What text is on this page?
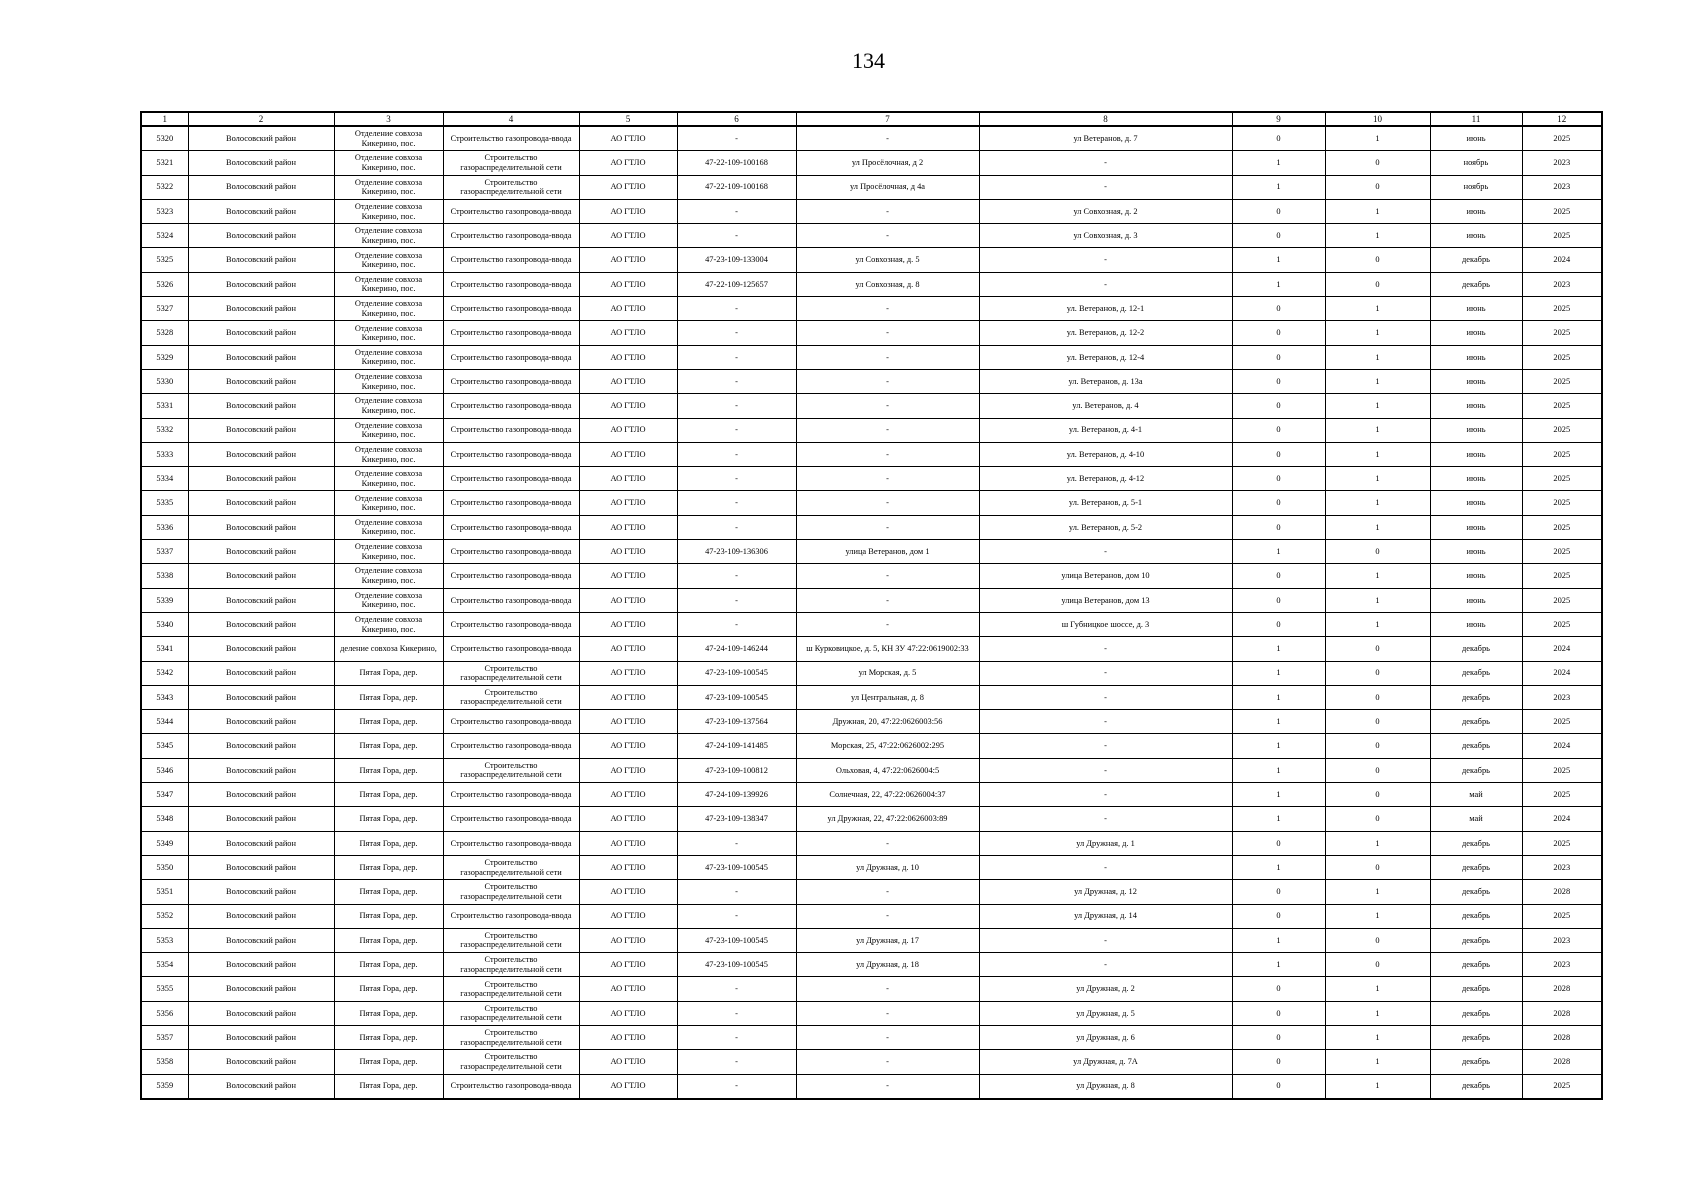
134
1	2	3	4	5	6	7	8	9	10	11	12
5320	Волосовский район	Отделение совхоза Кикерино, пос.	Строительство газопровода-ввода	АО ГТЛО	-	-	ул Ветеранов, д. 7	0	1	июнь	2025
5321	Волосовский район	Отделение совхоза Кикерино, пос.	Строительство газораспределительной сети	АО ГТЛО	47-22-109-100168	ул Просёлочная, д 2	-	1	0	ноябрь	2023
5322	Волосовский район	Отделение совхоза Кикерино, пос.	Строительство газораспределительной сети	АО ГТЛО	47-22-109-100168	ул Просёлочная, д 4а	-	1	0	ноябрь	2023
5323	Волосовский район	Отделение совхоза Кикерино, пос.	Строительство газопровода-ввода	АО ГТЛО	-	-	ул Совхозная, д. 2	0	1	июнь	2025
5324	Волосовский район	Отделение совхоза Кикерино, пос.	Строительство газопровода-ввода	АО ГТЛО	-	-	ул Совхозная, д. 3	0	1	июнь	2025
5325	Волосовский район	Отделение совхоза Кикерино, пос.	Строительство газопровода-ввода	АО ГТЛО	47-23-109-133004	ул Совхозная, д. 5	-	1	0	декабрь	2024
5326	Волосовский район	Отделение совхоза Кикерино, пос.	Строительство газопровода-ввода	АО ГТЛО	47-22-109-125657	ул Совхозная, д. 8	-	1	0	декабрь	2023
5327	Волосовский район	Отделение совхоза Кикерино, пос.	Строительство газопровода-ввода	АО ГТЛО	-	-	ул. Ветеранов, д. 12-1	0	1	июнь	2025
5328	Волосовский район	Отделение совхоза Кикерино, пос.	Строительство газопровода-ввода	АО ГТЛО	-	-	ул. Ветеранов, д. 12-2	0	1	июнь	2025
5329	Волосовский район	Отделение совхоза Кикерино, пос.	Строительство газопровода-ввода	АО ГТЛО	-	-	ул. Ветеранов, д. 12-4	0	1	июнь	2025
5330	Волосовский район	Отделение совхоза Кикерино, пос.	Строительство газопровода-ввода	АО ГТЛО	-	-	ул. Ветеранов, д. 13а	0	1	июнь	2025
5331	Волосовский район	Отделение совхоза Кикерино, пос.	Строительство газопровода-ввода	АО ГТЛО	-	-	ул. Ветеранов, д. 4	0	1	июнь	2025
5332	Волосовский район	Отделение совхоза Кикерино, пос.	Строительство газопровода-ввода	АО ГТЛО	-	-	ул. Ветеранов, д. 4-1	0	1	июнь	2025
5333	Волосовский район	Отделение совхоза Кикерино, пос.	Строительство газопровода-ввода	АО ГТЛО	-	-	ул. Ветеранов, д. 4-10	0	1	июнь	2025
5334	Волосовский район	Отделение совхоза Кикерино, пос.	Строительство газопровода-ввода	АО ГТЛО	-	-	ул. Ветеранов, д. 4-12	0	1	июнь	2025
5335	Волосовский район	Отделение совхоза Кикерино, пос.	Строительство газопровода-ввода	АО ГТЛО	-	-	ул. Ветеранов, д. 5-1	0	1	июнь	2025
5336	Волосовский район	Отделение совхоза Кикерино, пос.	Строительство газопровода-ввода	АО ГТЛО	-	-	ул. Ветеранов, д. 5-2	0	1	июнь	2025
5337	Волосовский район	Отделение совхоза Кикерино, пос.	Строительство газопровода-ввода	АО ГТЛО	47-23-109-136306	улица Ветеранов, дом 1	-	1	0	июнь	2025
5338	Волосовский район	Отделение совхоза Кикерино, пос.	Строительство газопровода-ввода	АО ГТЛО	-	-	улица Ветеранов, дом 10	0	1	июнь	2025
5339	Волосовский район	Отделение совхоза Кикерино, пос.	Строительство газопровода-ввода	АО ГТЛО	-	-	улица Ветеранов, дом 13	0	1	июнь	2025
5340	Волосовский район	Отделение совхоза Кикерино, пос.	Строительство газопровода-ввода	АО ГТЛО	-	-	ш Губницкое шоссе, д. 3	0	1	июнь	2025
5341	Волосовский район	деление совхоза Кикерино,	Строительство газопровода-ввода	АО ГТЛО	47-24-109-146244	ш Курковицкое, д. 5, КН ЗУ 47:22:0619002:33	-	1	0	декабрь	2024
5342	Волосовский район	Пятая Гора, дер.	Строительство газораспределительной сети	АО ГТЛО	47-23-109-100545	ул Морская, д. 5	-	1	0	декабрь	2024
5343	Волосовский район	Пятая Гора, дер.	Строительство газораспределительной сети	АО ГТЛО	47-23-109-100545	ул Центральная, д. 8	-	1	0	декабрь	2023
5344	Волосовский район	Пятая Гора, дер.	Строительство газопровода-ввода	АО ГТЛО	47-23-109-137564	Дружная, 20, 47:22:0626003:56	-	1	0	декабрь	2025
5345	Волосовский район	Пятая Гора, дер.	Строительство газопровода-ввода	АО ГТЛО	47-24-109-141485	Морская, 25, 47:22:0626002:295	-	1	0	декабрь	2024
5346	Волосовский район	Пятая Гора, дер.	Строительство газораспределительной сети	АО ГТЛО	47-23-109-100812	Ольховая, 4, 47:22:0626004:5	-	1	0	декабрь	2025
5347	Волосовский район	Пятая Гора, дер.	Строительство газопровода-ввода	АО ГТЛО	47-24-109-139926	Солнечная, 22, 47:22:0626004:37	-	1	0	май	2025
5348	Волосовский район	Пятая Гора, дер.	Строительство газопровода-ввода	АО ГТЛО	47-23-109-138347	ул Дружная, 22, 47:22:0626003:89	-	1	0	май	2024
5349	Волосовский район	Пятая Гора, дер.	Строительство газопровода-ввода	АО ГТЛО	-	-	ул Дружная, д. 1	0	1	декабрь	2025
5350	Волосовский район	Пятая Гора, дер.	Строительство газораспределительной сети	АО ГТЛО	47-23-109-100545	ул Дружная, д. 10	-	1	0	декабрь	2023
5351	Волосовский район	Пятая Гора, дер.	Строительство газораспределительной сети	АО ГТЛО	-	-	ул Дружная, д. 12	0	1	декабрь	2028
5352	Волосовский район	Пятая Гора, дер.	Строительство газопровода-ввода	АО ГТЛО	-	-	ул Дружная, д. 14	0	1	декабрь	2025
5353	Волосовский район	Пятая Гора, дер.	Строительство газораспределительной сети	АО ГТЛО	47-23-109-100545	ул Дружная, д. 17	-	1	0	декабрь	2023
5354	Волосовский район	Пятая Гора, дер.	Строительство газораспределительной сети	АО ГТЛО	47-23-109-100545	ул Дружная, д. 18	-	1	0	декабрь	2023
5355	Волосовский район	Пятая Гора, дер.	Строительство газораспределительной сети	АО ГТЛО	-	-	ул Дружная, д. 2	0	1	декабрь	2028
5356	Волосовский район	Пятая Гора, дер.	Строительство газораспределительной сети	АО ГТЛО	-	-	ул Дружная, д. 5	0	1	декабрь	2028
5357	Волосовский район	Пятая Гора, дер.	Строительство газораспределительной сети	АО ГТЛО	-	-	ул Дружная, д. 6	0	1	декабрь	2028
5358	Волосовский район	Пятая Гора, дер.	Строительство газораспределительной сети	АО ГТЛО	-	-	ул Дружная, д. 7А	0	1	декабрь	2028
5359	Волосовский район	Пятая Гора, дер.	Строительство газопровода-ввода	АО ГТЛО	-	-	ул Дружная, д. 8	0	1	декабрь	2025
